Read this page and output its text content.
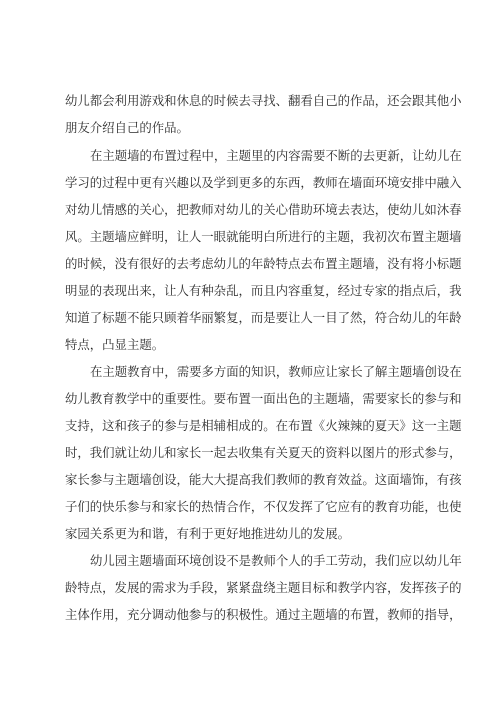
幼儿都会利用游戏和休息的时候去寻找、翻看自己的作品，还会跟其他小
朋友介绍自己的作品。
在主题墙的布置过程中，主题里的内容需要不断的去更新，让幼儿在
学习的过程中更有兴趣以及学到更多的东西，教师在墙面环境安排中融入
对幼儿情感的关心，把教师对幼儿的关心借助环境去表达，使幼儿如沐春
风。主题墙应鲜明，让人一眼就能明白所进行的主题，我初次布置主题墙
的时候，没有很好的去考虑幼儿的年龄特点去布置主题墙，没有将小标题
明显的表现出来，让人有种杂乱，而且内容重复，经过专家的指点后，我
知道了标题不能只顾着华丽繁复，而是要让人一目了然，符合幼儿的年龄
特点，凸显主题。
在主题教育中，需要多方面的知识，教师应让家长了解主题墙创设在
幼儿教育教学中的重要性。要布置一面出色的主题墙，需要家长的参与和
支持，这和孩子的参与是相辅相成的。在布置《火辣辣的夏天》这一主题
时，我们就让幼儿和家长一起去收集有关夏天的资料以图片的形式参与，
家长参与主题墙创设，能大大提高我们教师的教育效益。这面墙饰，有孩
子们的快乐参与和家长的热情合作，不仅发挥了它应有的教育功能，也使
家园关系更为和谐，有利于更好地推进幼儿的发展。
幼儿园主题墙面环境创设不是教师个人的手工劳动，我们应以幼儿年
龄特点，发展的需求为手段，紧紧盘绕主题目标和教学内容，发挥孩子的
主体作用，充分调动他参与的积极性。通过主题墙的布置，教师的指导，
